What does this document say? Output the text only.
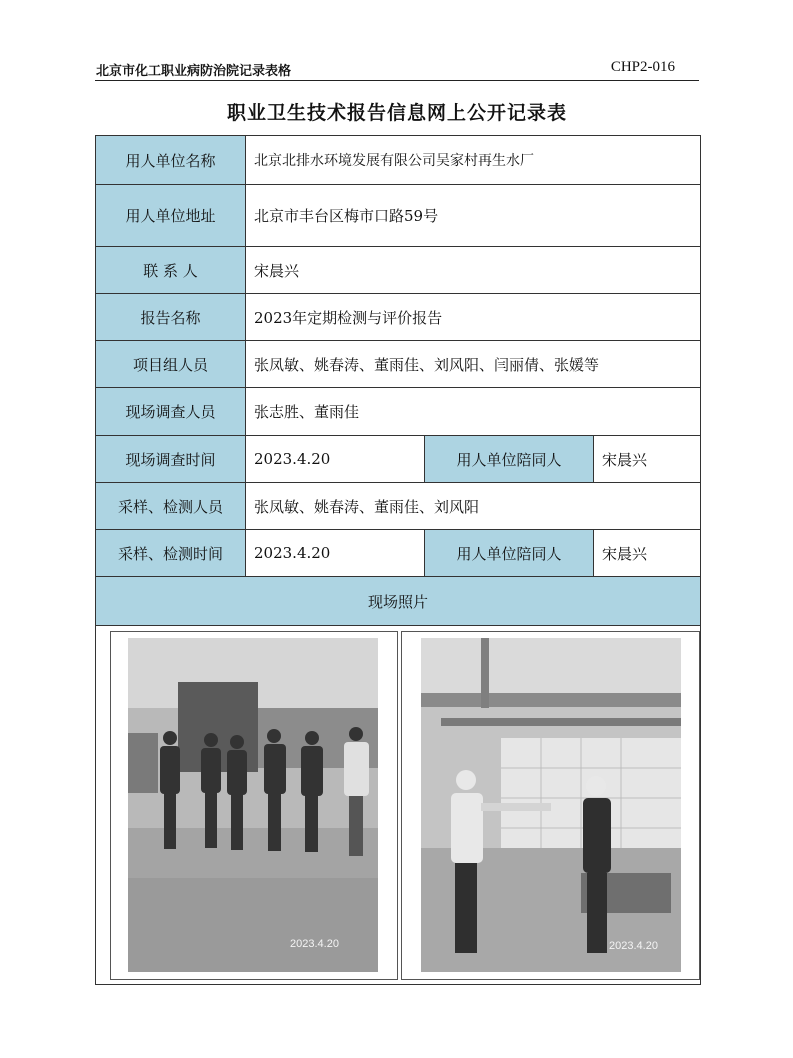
北京市化工职业病防治院记录表格	CHP2-016
职业卫生技术报告信息网上公开记录表
用人单位名称	北京北排水环境发展有限公司吴家村再生水厂		
用人单位地址	北京市丰台区梅市口路59号		
联 系 人	宋晨兴		
报告名称	2023年定期检测与评价报告		
项目组人员	张凤敏、姚春涛、董雨佳、刘风阳、闫丽倩、张媛等		
现场调查人员	张志胜、董雨佳		
现场调查时间	2023.4.20	用人单位陪同人	宋晨兴
采样、检测人员	张凤敏、姚春涛、董雨佳、刘风阳		
采样、检测时间	2023.4.20	用人单位陪同人	宋晨兴
现场照片			

2023.4.20 2023.4.20			
